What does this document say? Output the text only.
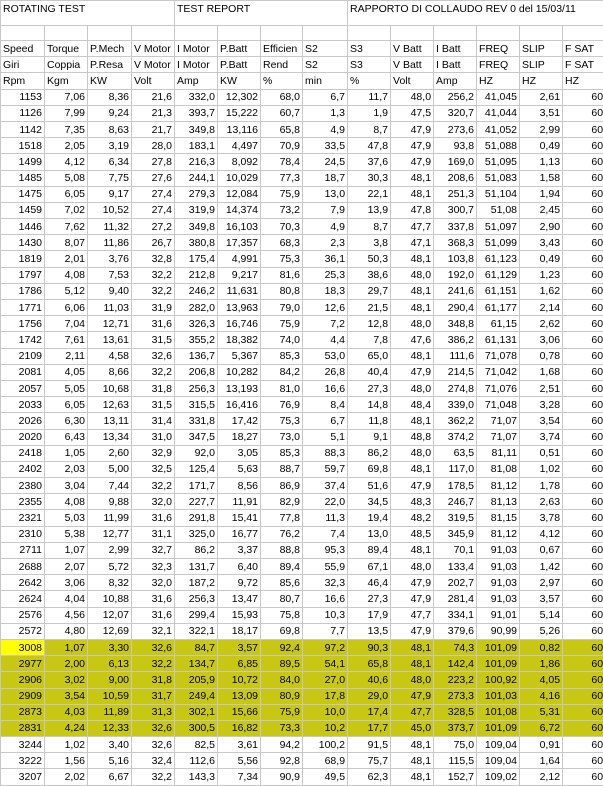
ROTATING TEST				TEST REPORT				RAPPORTO DI COLLAUDO REV 0 del 15/03/11					

Speed	Torque	P.Mech	V Motor	I Motor	P.Batt	Efficien	S2	S3	V Batt	I Batt	FREQ	SLIP	F SAT
Giri	Coppia	P.Resa	V Motor	I Motor	P.Batt	Rend	S2	S3	V Batt	I Batt	FREQ	SLIP	F SAT
Rpm	Kgm	KW	Volt	Amp	KW	%	min	%	Volt	Amp	HZ	HZ	HZ
1153	7,06	8,36	21,6	332,0	12,302	68,0	6,7	11,7	48,0	256,2	41,045	2,61	60
1126	7,99	9,24	21,3	393,7	15,222	60,7	1,3	1,9	47,5	320,7	41,044	3,51	60
1142	7,35	8,63	21,7	349,8	13,116	65,8	4,9	8,7	47,9	273,6	41,052	2,99	60
1518	2,05	3,19	28,0	183,1	4,497	70,9	33,5	47,8	47,9	93,8	51,088	0,49	60
1499	4,12	6,34	27,8	216,3	8,092	78,4	24,5	37,6	47,9	169,0	51,095	1,13	60
1485	5,08	7,75	27,6	244,1	10,029	77,3	18,7	30,3	48,1	208,6	51,083	1,58	60
1475	6,05	9,17	27,4	279,3	12,084	75,9	13,0	22,1	48,1	251,3	51,104	1,94	60
1459	7,02	10,52	27,4	319,9	14,374	73,2	7,9	13,9	47,8	300,7	51,08	2,45	60
1446	7,62	11,32	27,2	349,8	16,103	70,3	4,9	8,7	47,7	337,8	51,097	2,90	60
1430	8,07	11,86	26,7	380,8	17,357	68,3	2,3	3,8	47,1	368,3	51,099	3,43	60
1819	2,01	3,76	32,8	175,4	4,991	75,3	36,1	50,3	48,1	103,8	61,123	0,49	60
1797	4,08	7,53	32,2	212,8	9,217	81,6	25,3	38,6	48,0	192,0	61,129	1,23	60
1786	5,12	9,40	32,2	246,2	11,631	80,8	18,3	29,7	48,1	241,6	61,151	1,62	60
1771	6,06	11,03	31,9	282,0	13,963	79,0	12,6	21,5	48,1	290,4	61,177	2,14	60
1756	7,04	12,71	31,6	326,3	16,746	75,9	7,2	12,8	48,0	348,8	61,15	2,62	60
1742	7,61	13,61	31,5	355,2	18,382	74,0	4,4	7,8	47,6	386,2	61,131	3,06	60
2109	2,11	4,58	32,6	136,7	5,367	85,3	53,0	65,0	48,1	111,6	71,078	0,78	60
2081	4,05	8,66	32,2	206,8	10,282	84,2	26,8	40,4	47,9	214,5	71,042	1,68	60
2057	5,05	10,68	31,8	256,3	13,193	81,0	16,6	27,3	48,0	274,8	71,076	2,51	60
2033	6,05	12,63	31,5	315,5	16,416	76,9	8,4	14,8	48,4	339,0	71,048	3,28	60
2026	6,30	13,11	31,4	331,8	17,42	75,3	6,7	11,8	48,1	362,2	71,07	3,54	60
2020	6,43	13,34	31,0	347,5	18,27	73,0	5,1	9,1	48,8	374,2	71,07	3,74	60
2418	1,05	2,60	32,9	92,0	3,05	85,3	88,3	86,2	48,0	63,5	81,11	0,51	60
2402	2,03	5,00	32,5	125,4	5,63	88,7	59,7	69,8	48,1	117,0	81,08	1,02	60
2380	3,04	7,44	32,2	171,7	8,56	86,9	37,4	51,6	47,9	178,5	81,12	1,78	60
2355	4,08	9,88	32,0	227,7	11,91	82,9	22,0	34,5	48,3	246,7	81,13	2,63	60
2321	5,03	11,99	31,6	291,8	15,41	77,8	11,3	19,4	48,2	319,5	81,15	3,78	60
2310	5,38	12,77	31,1	325,0	16,77	76,2	7,4	13,0	48,5	345,9	81,12	4,12	60
2711	1,07	2,99	32,7	86,2	3,37	88,8	95,3	89,4	48,1	70,1	91,03	0,67	60
2688	2,07	5,72	32,3	131,7	6,40	89,4	55,9	67,1	48,0	133,4	91,03	1,42	60
2642	3,06	8,32	32,0	187,2	9,72	85,6	32,3	46,4	47,9	202,7	91,03	2,97	60
2624	4,04	10,88	31,6	256,3	13,47	80,7	16,6	27,3	47,9	281,4	91,03	3,57	60
2576	4,56	12,07	31,6	299,4	15,93	75,8	10,3	17,9	47,7	334,1	91,01	5,14	60
2572	4,80	12,69	32,1	322,1	18,17	69,8	7,7	13,5	47,9	379,6	90,99	5,26	60
3008	1,07	3,30	32,6	84,7	3,57	92,4	97,2	90,3	48,1	74,3	101,09	0,82	60
2977	2,00	6,13	32,2	134,7	6,85	89,5	54,1	65,8	48,1	142,4	101,09	1,86	60
2906	3,02	9,00	31,8	205,9	10,72	84,0	27,0	40,6	48,0	223,2	100,92	4,05	60
2909	3,54	10,59	31,7	249,4	13,09	80,9	17,8	29,0	47,9	273,3	101,03	4,16	60
2873	4,03	11,89	31,3	302,1	15,66	75,9	10,0	17,4	47,7	328,5	101,08	5,31	60
2831	4,24	12,33	32,6	300,5	16,82	73,3	10,2	17,7	45,0	373,7	101,09	6,72	60
3244	1,02	3,40	32,6	82,5	3,61	94,2	100,2	91,5	48,1	75,0	109,04	0,91	60
3222	1,56	5,16	32,4	112,6	5,56	92,8	68,9	75,7	48,1	115,5	109,04	1,64	60
3207	2,02	6,67	32,2	143,3	7,34	90,9	49,5	62,3	48,1	152,7	109,02	2,12	60
